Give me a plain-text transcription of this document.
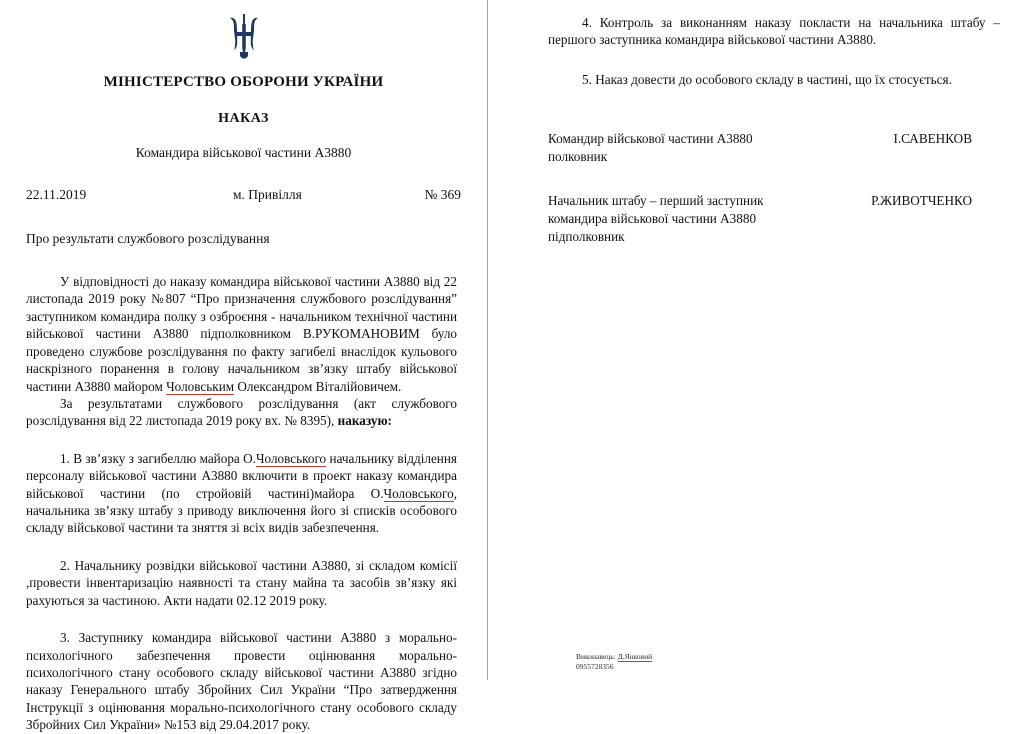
МІНІСТЕРСТВО ОБОРОНИ УКРАЇНИ
НАКАЗ
Командира військової частини А3880
22.11.2019	м. Привілля	№ 369
Про результати службового розслідування
У відповідності до наказу командира військової частини А3880 від 22 листопада 2019 року №807 “Про призначення службового розслідування” заступником командира полку з озброєння - начальником технічної частини військової частини А3880 підполковником В.РУКОМАНОВИМ було проведено службове розслідування по факту загибелі внаслідок кульового наскрізного поранення в голову начальником зв’язку штабу військової частини А3880 майором Чоловським Олександром Віталійовичем.
За результатами службового розслідування (акт службового розслідування від 22 листопада 2019 року вх. № 8395), наказую:
1. В зв’язку з загибеллю майора О.Чоловського начальнику відділення персоналу військової частини А3880 включити в проект наказу командира військової частини (по стройовій частині)майора О.Чоловського, начальника зв’язку штабу з приводу виключення його зі списків особового складу військової частини та зняття зі всіх видів забезпечення.
2. Начальнику розвідки військової частини А3880, зі складом комісії ,провести інвентаризацію наявності та стану майна та засобів зв’язку які рахуються за частиною. Акти надати 02.12 2019 року.
3. Заступнику командира військової частини А3880 з морально-психологічного забезпечення провести оцінювання морально-психологічного стану особового складу військової частини А3880 згідно наказу Генерального штабу Збройних Сил України “Про затвердження Інструкції з оцінювання морально-психологічного стану особового складу Збройних Сил України» №153 від 29.04.2017 року.
4. Контроль за виконанням наказу покласти на начальника штабу – першого заступника командира військової частини А3880.
5. Наказ довести до особового складу в частині, що їх стосується.
Командир військової частини А3880
полковник
І.САВЕНКОВ
Начальник штабу – перший заступник
командира військової частини А3880
підполковник
Р.ЖИВОТЧЕНКО
Виконавець: Д.Янковий
0955728356
